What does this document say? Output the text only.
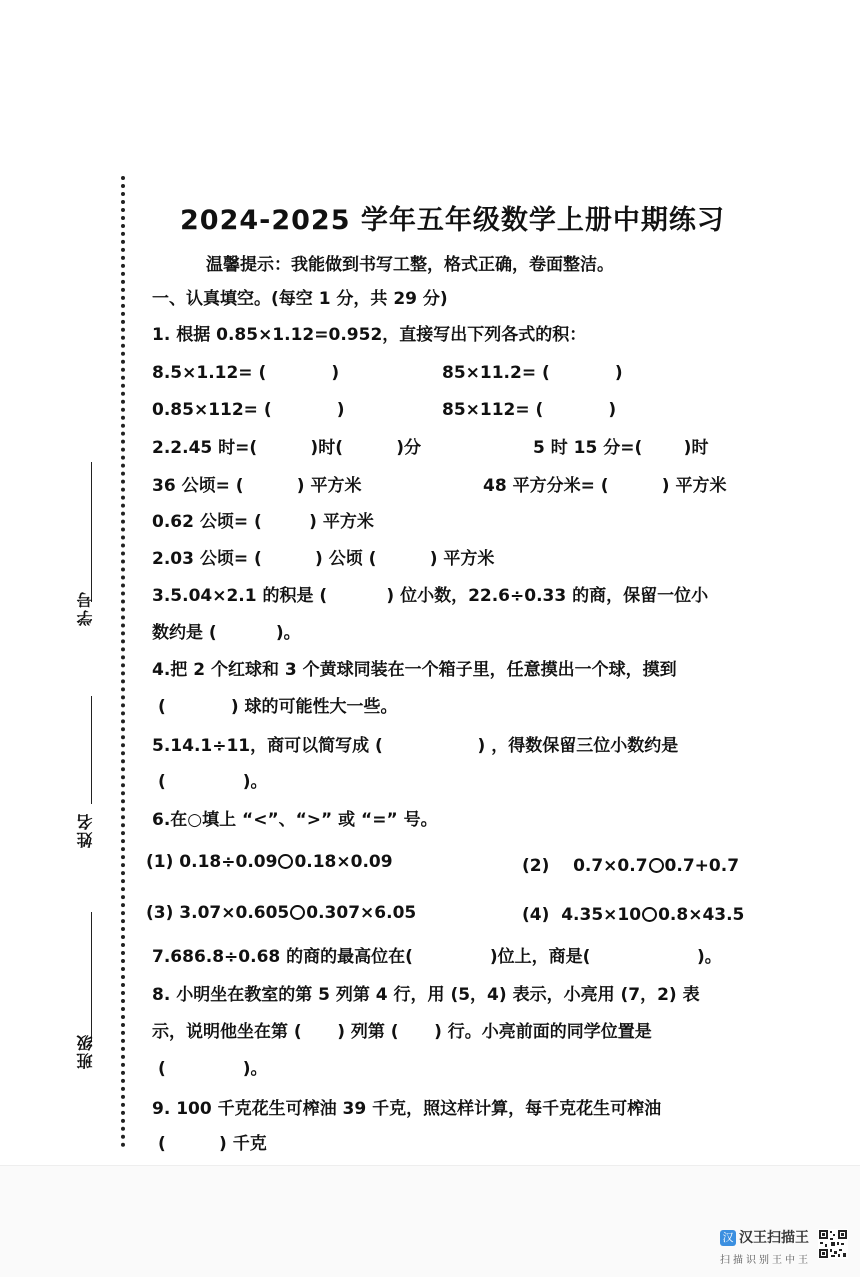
学号
姓名
班级
2024-2025 学年五年级数学上册中期练习
温馨提示：我能做到书写工整，格式正确，卷面整洁。
一、认真填空。(每空 1 分，共 29 分)
1. 根据 0.85×1.12=0.952，直接写出下列各式的积：
8.5×1.12= (           )	85×11.2= (           )
0.85×112= (           )	85×112= (           )
2.2.45 时=(         )时(         )分	5 时 15 分=(       )时
36 公顷= (         ) 平方米	48 平方分米= (         ) 平方米
0.62 公顷= (        ) 平方米
2.03 公顷= (         ) 公顷 (         ) 平方米
3.5.04×2.1 的积是 (          ) 位小数，22.6÷0.33 的商，保留一位小
数约是 (          )。
4.把 2 个红球和 3 个黄球同装在一个箱子里，任意摸出一个球，摸到
(           ) 球的可能性大一些。
5.14.1÷11，商可以简写成 (                ) ，得数保留三位小数约是
(             )。
6.在○填上 “<”、“>” 或 “=” 号。
(1) 0.18÷0.09 0.18×0.09	(2) 0.7×0.7 0.7+0.7
(3) 3.07×0.605 0.307×6.05	(4) 4.35×10 0.8×43.5
7.686.8÷0.68 的商的最高位在(             )位上，商是(                  )。
8. 小明坐在教室的第 5 列第 4 行，用 (5，4) 表示，小亮用 (7，2) 表
示，说明他坐在第 (      ) 列第 (      ) 行。小亮前面的同学位置是
(             )。
9. 100 千克花生可榨油 39 千克，照这样计算，每千克花生可榨油
(         ) 千克
汉 汉王扫描王
扫描识别王中王
